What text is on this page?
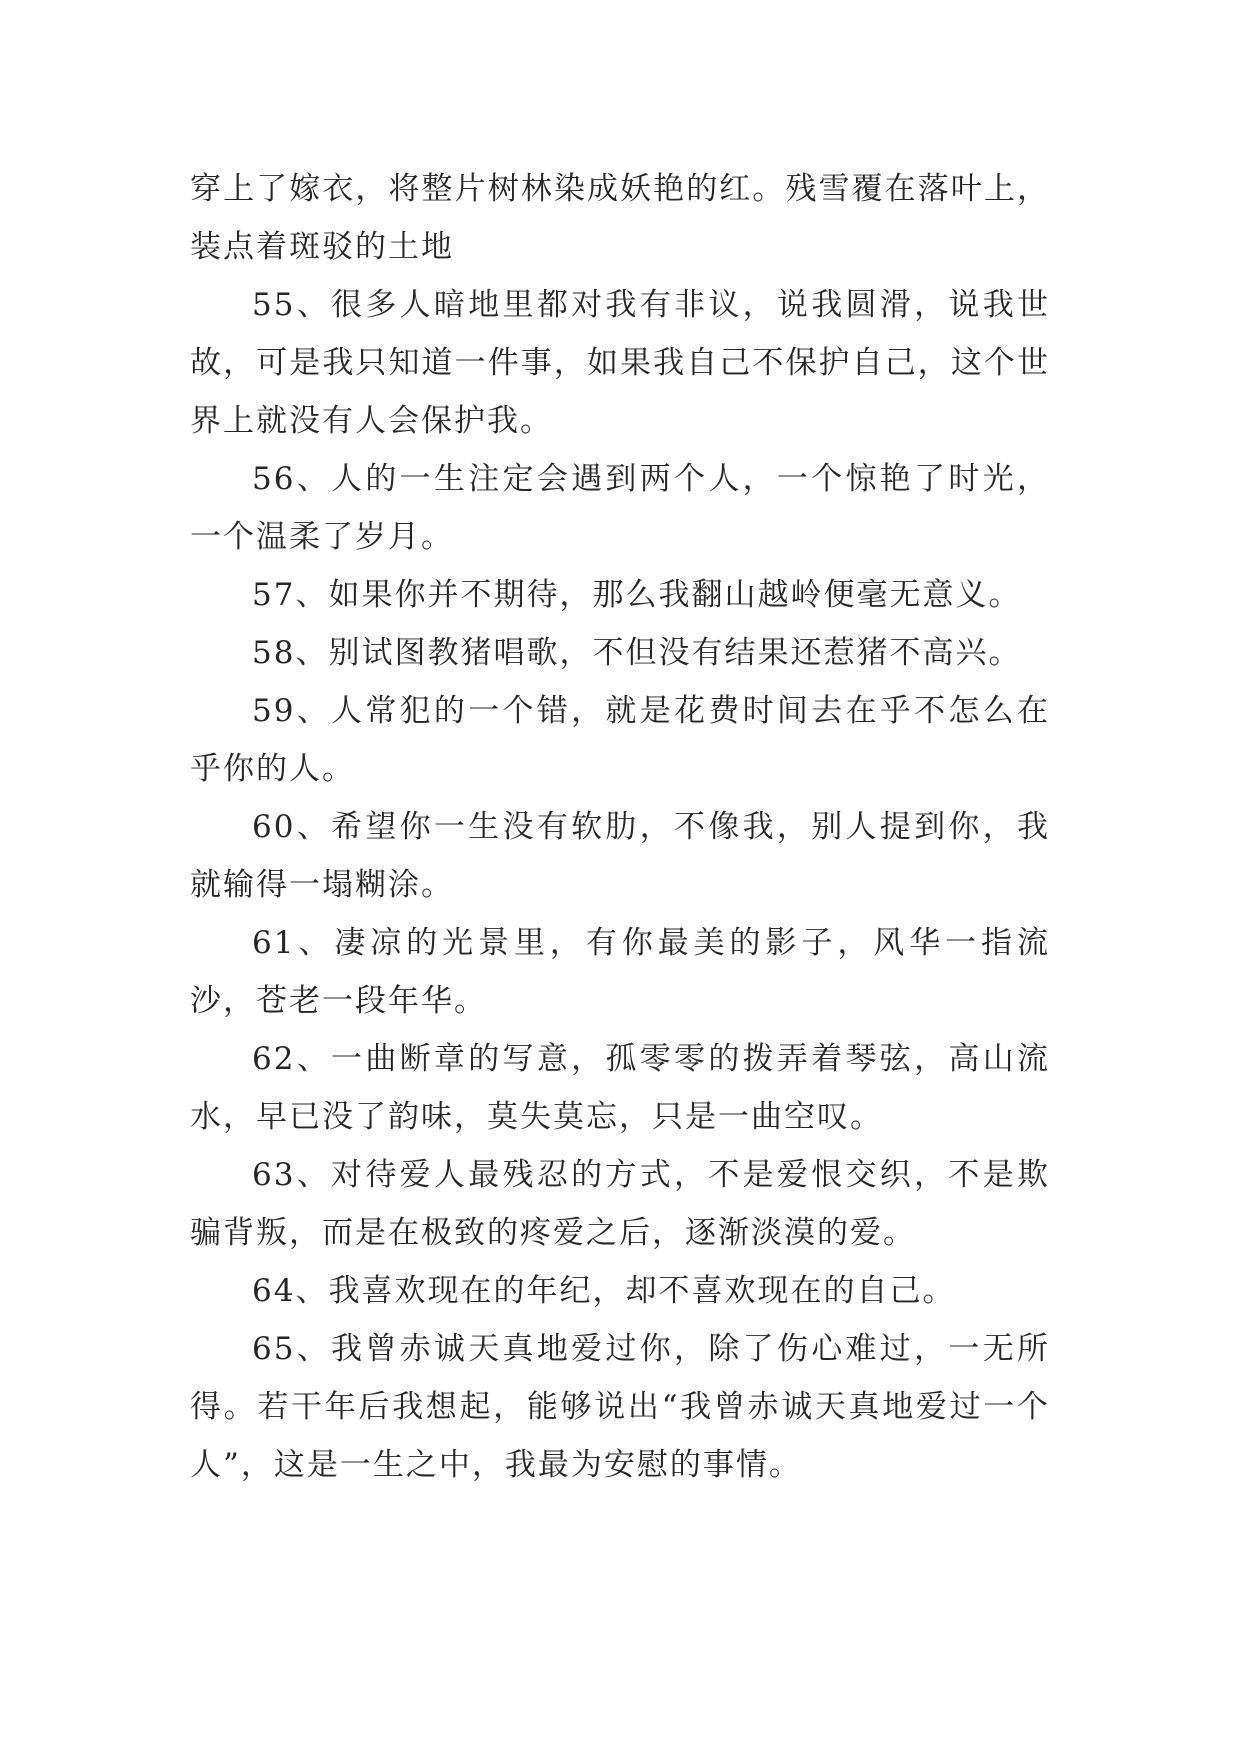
穿上了嫁衣，将整片树林染成妖艳的红。残雪覆在落叶上，装点着斑驳的土地

55、很多人暗地里都对我有非议，说我圆滑，说我世故，可是我只知道一件事，如果我自己不保护自己，这个世界上就没有人会保护我。

56、人的一生注定会遇到两个人，一个惊艳了时光，一个温柔了岁月。

57、如果你并不期待，那么我翻山越岭便毫无意义。

58、别试图教猪唱歌，不但没有结果还惹猪不高兴。

59、人常犯的一个错，就是花费时间去在乎不怎么在乎你的人。

60、希望你一生没有软肋，不像我，别人提到你，我就输得一塌糊涂。

61、凄凉的光景里，有你最美的影子，风华一指流沙，苍老一段年华。

62、一曲断章的写意，孤零零的拨弄着琴弦，高山流水，早已没了韵味，莫失莫忘，只是一曲空叹。

63、对待爱人最残忍的方式，不是爱恨交织，不是欺骗背叛，而是在极致的疼爱之后，逐渐淡漠的爱。

64、我喜欢现在的年纪，却不喜欢现在的自己。

65、我曾赤诚天真地爱过你，除了伤心难过，一无所得。若干年后我想起，能够说出“我曾赤诚天真地爱过一个人”，这是一生之中，我最为安慰的事情。
